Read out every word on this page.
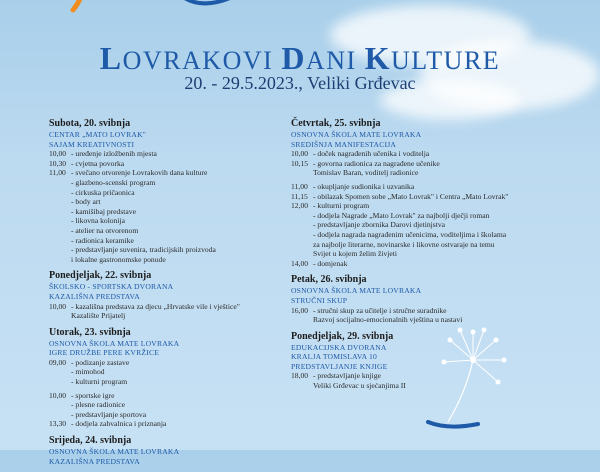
LOVRAKOVI DANI KULTURE
20. - 29.5.2023., Veliki Grđevac
Subota, 20. svibnja
CENTAR „MATO LOVRAK"
SAJAM KREATIVNOSTI
10,00 - uređenje izložbenih mjesta
10,30 - cvjetna povorka
11,00 - svečano otvorenje Lovrakovih dana kulture
- glazbeno-scenski program
- cirkuska pričaonica
- body art
- kamišibaj predstave
- likovna kolonija
- atelier na otvorenom
- radionica keramike
- predstavljanje suvenira, tradicijskih proizvoda
i lokalne gastronomske ponude
Ponedjeljak, 22. svibnja
ŠKOLSKO - SPORTSKA DVORANA
KAZALIŠNA PREDSTAVA
10,00 - kazališna predstava za djecu „Hrvatske vile i vještice"
Kazalište Prijatelj
Utorak, 23. svibnja
OSNOVNA ŠKOLA MATE LOVRAKA
IGRE DRUŽBE PERE KVRŽICE
09,00 - podizanje zastave
- mimohod
- kulturni program
10,00 - sportske igre
- plesne radionice
- predstavljanje sportova
13,30 - dodjela zahvalnica i priznanja
Srijeda, 24. svibnja
OSNOVNA ŠKOLA MATE LOVRAKA
KAZALIŠNA PREDSTAVA
Četvrtak, 25. svibnja
OSNOVNA ŠKOLA MATE LOVRAKA
SREDIŠNJA MANIFESTACIJA
10,00 - doček nagrađenih učenika i voditelja
10,15 - govorna radionica za nagrađene učenike
Tomislav Baran, voditelj radionice
11,00 - okupljanje sudionika i uzvanika
11,15 - obilazak Spomen sobe „Mato Lovrak" i Centra „Mato Lovrak"
12,00 - kulturni program
- dodjela Nagrade „Mato Lovrak" za najbolji dječji roman
- predstavljanje zbornika Darovi djetinjstva
- dodjela nagrada nagrađenim učenicima, voditeljima i školama
za najbolje literarne, novinarske i likovne ostvaraje na temu
Svijet u kojem želim živjeti
14,00 - domjenak
Petak, 26. svibnja
OSNOVNA ŠKOLA MATE LOVRAKA
STRUČNI SKUP
16,00 - stručni skup za učitelje i stručne suradnike
Razvoj socijalno-emocionalnih vještina u nastavi
Ponedjeljak, 29. svibnja
EDUKACIJSKA DVORANA
KRALJA TOMISLAVA 10
PREDSTAVLJANJE KNJIGE
18,00 - predstavljanje knjige
Veliki Grđevac u sjećanjima II
